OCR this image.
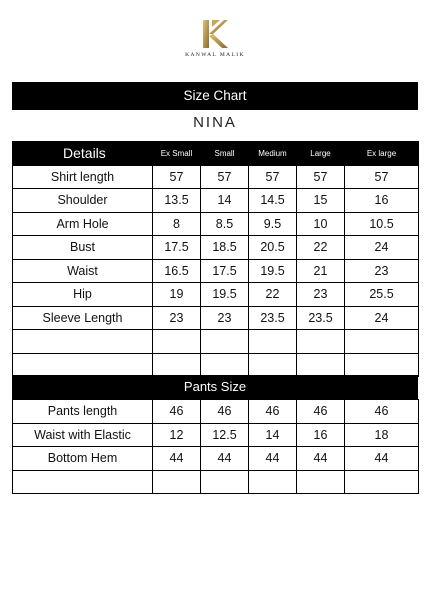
KANWAL MALIK
Size Chart
NINA
Details	Ex Small	Small	Medium	Large	Ex large
Shirt length	57	57	57	57	57
Shoulder	13.5	14	14.5	15	16
Arm Hole	8	8.5	9.5	10	10.5
Bust	17.5	18.5	20.5	22	24
Waist	16.5	17.5	19.5	21	23
Hip	19	19.5	22	23	25.5
Sleeve Length	23	23	23.5	23.5	24

Pants Size
Pants length	46	46	46	46	46
Waist with Elastic	12	12.5	14	16	18
Bottom Hem	44	44	44	44	44
